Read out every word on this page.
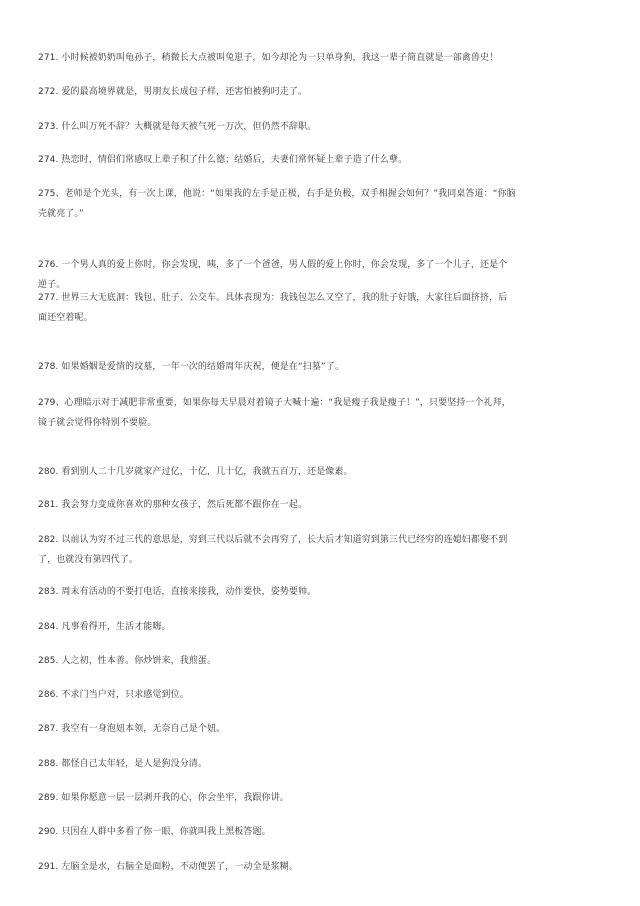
271. 小时候被奶奶叫龟孙子，稍微长大点被叫兔崽子，如今却沦为一只单身狗，我这一辈子简直就是一部禽兽史！
272. 爱的最高境界就是，男朋友长成包子样，还害怕被狗叼走了。
273. 什么叫万死不辞？大概就是每天被气死一万次，但仍然不辞职。
274. 热恋时，情侣们常感叹上辈子积了什么德；结婚后，夫妻们常怀疑上辈子造了什么孽。
275、老师是个光头，有一次上课，他说：“如果我的左手是正极，右手是负极，双手相握会如何？”我同桌答道：“你脑壳就亮了。”
276. 一个男人真的爱上你时，你会发现，咦，多了一个爸爸，男人假的爱上你时，你会发现，多了一个儿子，还是个逆子。
277. 世界三大无底洞：钱包、肚子、公交车。具体表现为：我钱包怎么又空了，我的肚子好饿，大家往后面挤挤，后面还空着呢。
278. 如果婚姻是爱情的坟墓，一年一次的结婚周年庆祝，便是在“扫墓”了。
279、心理暗示对于减肥非常重要，如果你每天早晨对着镜子大喊十遍：“我是瘦子我是瘦子！”，只要坚持一个礼拜，镜子就会觉得你特别不要脸。
280. 看到别人二十几岁就家产过亿，十亿，几十亿，我就五百万，还是像素。
281. 我会努力变成你喜欢的那种女孩子，然后死都不跟你在一起。
282. 以前认为穷不过三代的意思是，穷到三代以后就不会再穷了，长大后才知道穷到第三代已经穷的连媳妇都娶不到了，也就没有第四代了。
283. 周末有活动的不要打电话，直接来接我，动作要快，姿势要帅。
284. 凡事看得开，生活才能嗨。
285. 人之初，性本善。你炒饼来，我煎蛋。
286. 不求门当户对，只求感觉到位。
287. 我空有一身泡妞本领，无奈自己是个妞。
288. 都怪自己太年轻，是人是狗没分清。
289. 如果你愿意一层一层剥开我的心，你会坐牢，我跟你讲。
290. 只因在人群中多看了你一眼，你就叫我上黑板答题。
291. 左脑全是水，右脑全是面粉，不动便罢了，一动全是浆糊。
